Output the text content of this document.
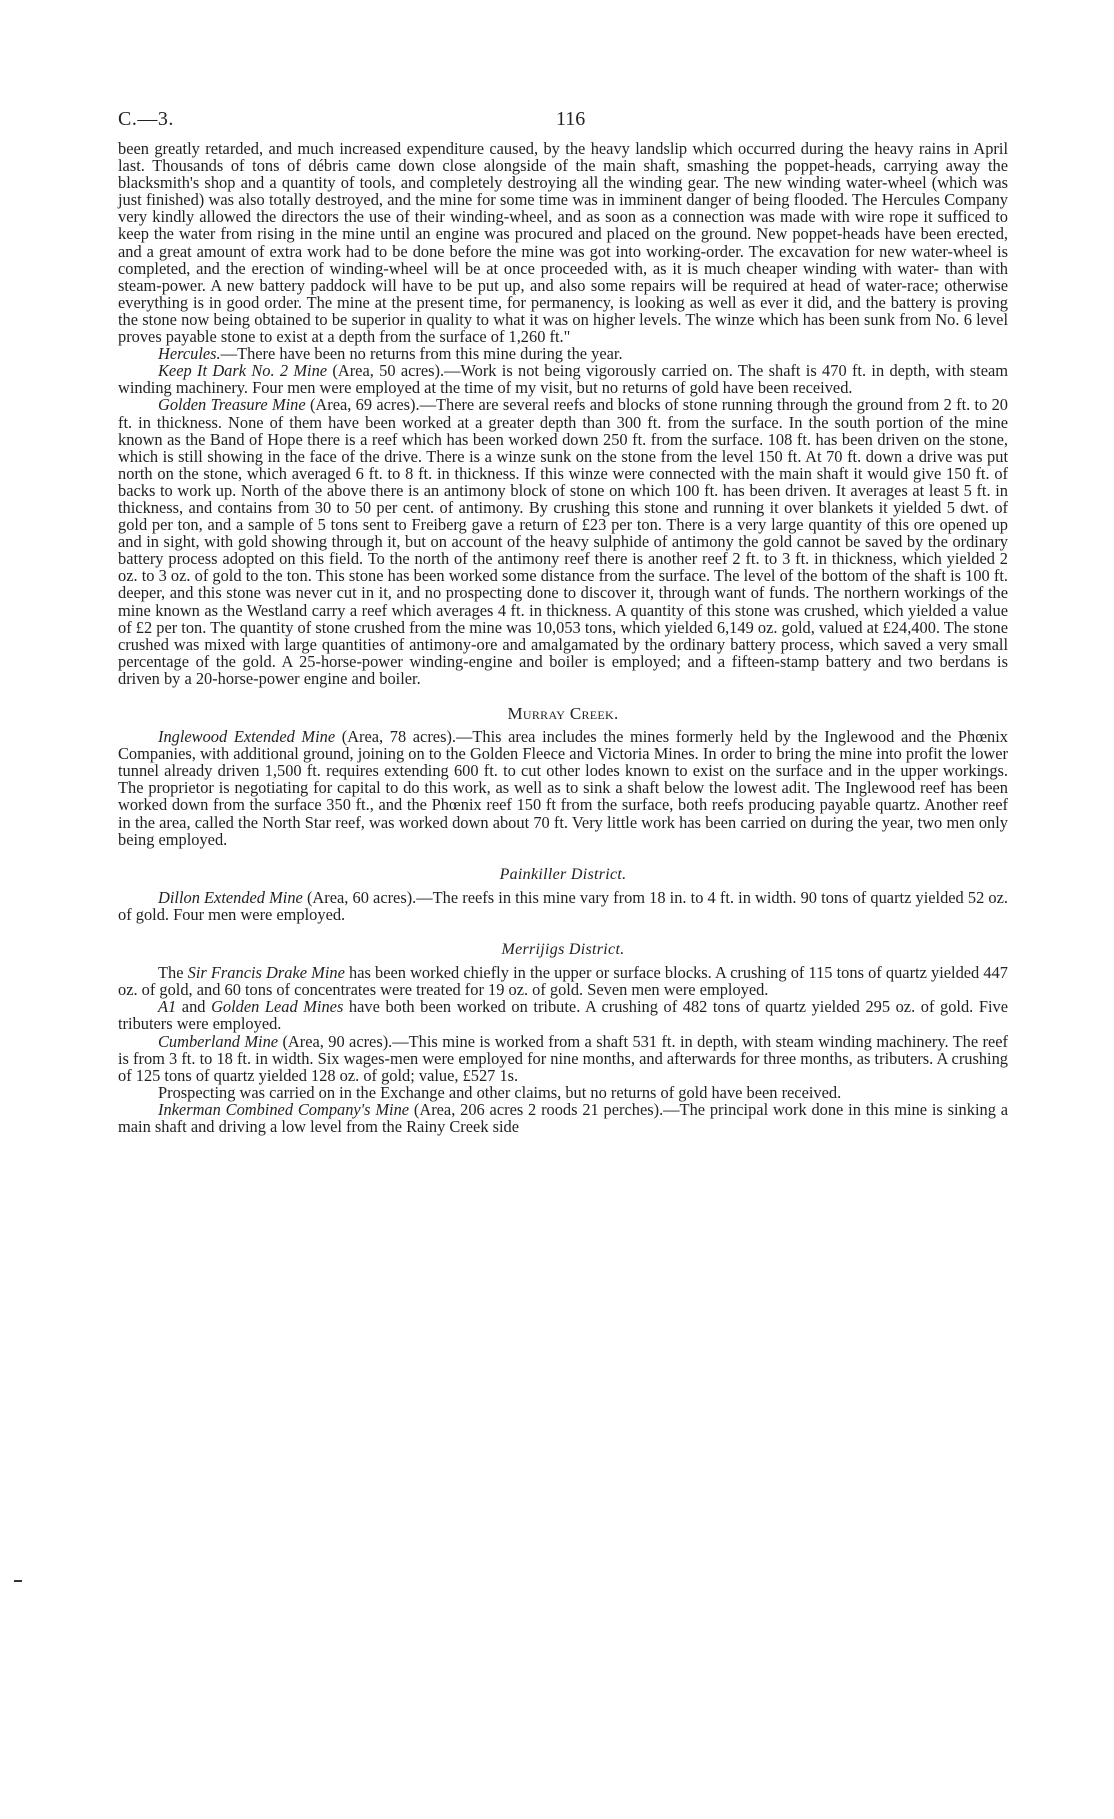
C.—3.	116

been greatly retarded, and much increased expenditure caused, by the heavy landslip which occurred during the heavy rains in April last. Thousands of tons of débris came down close alongside of the main shaft, smashing the poppet-heads, carrying away the blacksmith's shop and a quantity of tools, and completely destroying all the winding gear. The new winding water-wheel (which was just finished) was also totally destroyed, and the mine for some time was in imminent danger of being flooded. The Hercules Company very kindly allowed the directors the use of their winding-wheel, and as soon as a connection was made with wire rope it sufficed to keep the water from rising in the mine until an engine was procured and placed on the ground. New poppet-heads have been erected, and a great amount of extra work had to be done before the mine was got into working-order. The excavation for new water-wheel is completed, and the erection of winding-wheel will be at once proceeded with, as it is much cheaper winding with water- than with steam-power. A new battery paddock will have to be put up, and also some repairs will be required at head of water-race; otherwise everything is in good order. The mine at the present time, for permanency, is looking as well as ever it did, and the battery is proving the stone now being obtained to be superior in quality to what it was on higher levels. The winze which has been sunk from No. 6 level proves payable stone to exist at a depth from the surface of 1,260 ft."

Hercules.—There have been no returns from this mine during the year.

Keep It Dark No. 2 Mine (Area, 50 acres).—Work is not being vigorously carried on. The shaft is 470 ft. in depth, with steam winding machinery. Four men were employed at the time of my visit, but no returns of gold have been received.

Golden Treasure Mine (Area, 69 acres).—There are several reefs and blocks of stone running through the ground from 2 ft. to 20 ft. in thickness. None of them have been worked at a greater depth than 300 ft. from the surface. In the south portion of the mine known as the Band of Hope there is a reef which has been worked down 250 ft. from the surface. 108 ft. has been driven on the stone, which is still showing in the face of the drive. There is a winze sunk on the stone from the level 150 ft. At 70 ft. down a drive was put north on the stone, which averaged 6 ft. to 8 ft. in thickness. If this winze were connected with the main shaft it would give 150 ft. of backs to work up. North of the above there is an antimony block of stone on which 100 ft. has been driven. It averages at least 5 ft. in thickness, and contains from 30 to 50 per cent. of antimony. By crushing this stone and running it over blankets it yielded 5 dwt. of gold per ton, and a sample of 5 tons sent to Freiberg gave a return of £23 per ton. There is a very large quantity of this ore opened up and in sight, with gold showing through it, but on account of the heavy sulphide of antimony the gold cannot be saved by the ordinary battery process adopted on this field. To the north of the antimony reef there is another reef 2 ft. to 3 ft. in thickness, which yielded 2 oz. to 3 oz. of gold to the ton. This stone has been worked some distance from the surface. The level of the bottom of the shaft is 100 ft. deeper, and this stone was never cut in it, and no prospecting done to discover it, through want of funds. The northern workings of the mine known as the Westland carry a reef which averages 4 ft. in thickness. A quantity of this stone was crushed, which yielded a value of £2 per ton. The quantity of stone crushed from the mine was 10,053 tons, which yielded 6,149 oz. gold, valued at £24,400. The stone crushed was mixed with large quantities of antimony-ore and amalgamated by the ordinary battery process, which saved a very small percentage of the gold. A 25-horse-power winding-engine and boiler is employed; and a fifteen-stamp battery and two berdans is driven by a 20-horse-power engine and boiler.

Murray Creek.

Inglewood Extended Mine (Area, 78 acres).—This area includes the mines formerly held by the Inglewood and the Phœnix Companies, with additional ground, joining on to the Golden Fleece and Victoria Mines. In order to bring the mine into profit the lower tunnel already driven 1,500 ft. requires extending 600 ft. to cut other lodes known to exist on the surface and in the upper workings. The proprietor is negotiating for capital to do this work, as well as to sink a shaft below the lowest adit. The Inglewood reef has been worked down from the surface 350 ft., and the Phœnix reef 150 ft from the surface, both reefs producing payable quartz. Another reef in the area, called the North Star reef, was worked down about 70 ft. Very little work has been carried on during the year, two men only being employed.

Painkiller District.

Dillon Extended Mine (Area, 60 acres).—The reefs in this mine vary from 18 in. to 4 ft. in width. 90 tons of quartz yielded 52 oz. of gold. Four men were employed.

Merrijigs District.

The Sir Francis Drake Mine has been worked chiefly in the upper or surface blocks. A crushing of 115 tons of quartz yielded 447 oz. of gold, and 60 tons of concentrates were treated for 19 oz. of gold. Seven men were employed.

A1 and Golden Lead Mines have both been worked on tribute. A crushing of 482 tons of quartz yielded 295 oz. of gold. Five tributers were employed.

Cumberland Mine (Area, 90 acres).—This mine is worked from a shaft 531 ft. in depth, with steam winding machinery. The reef is from 3 ft. to 18 ft. in width. Six wages-men were employed for nine months, and afterwards for three months, as tributers. A crushing of 125 tons of quartz yielded 128 oz. of gold; value, £527 1s.

Prospecting was carried on in the Exchange and other claims, but no returns of gold have been received.

Inkerman Combined Company's Mine (Area, 206 acres 2 roods 21 perches).—The principal work done in this mine is sinking a main shaft and driving a low level from the Rainy Creek side
